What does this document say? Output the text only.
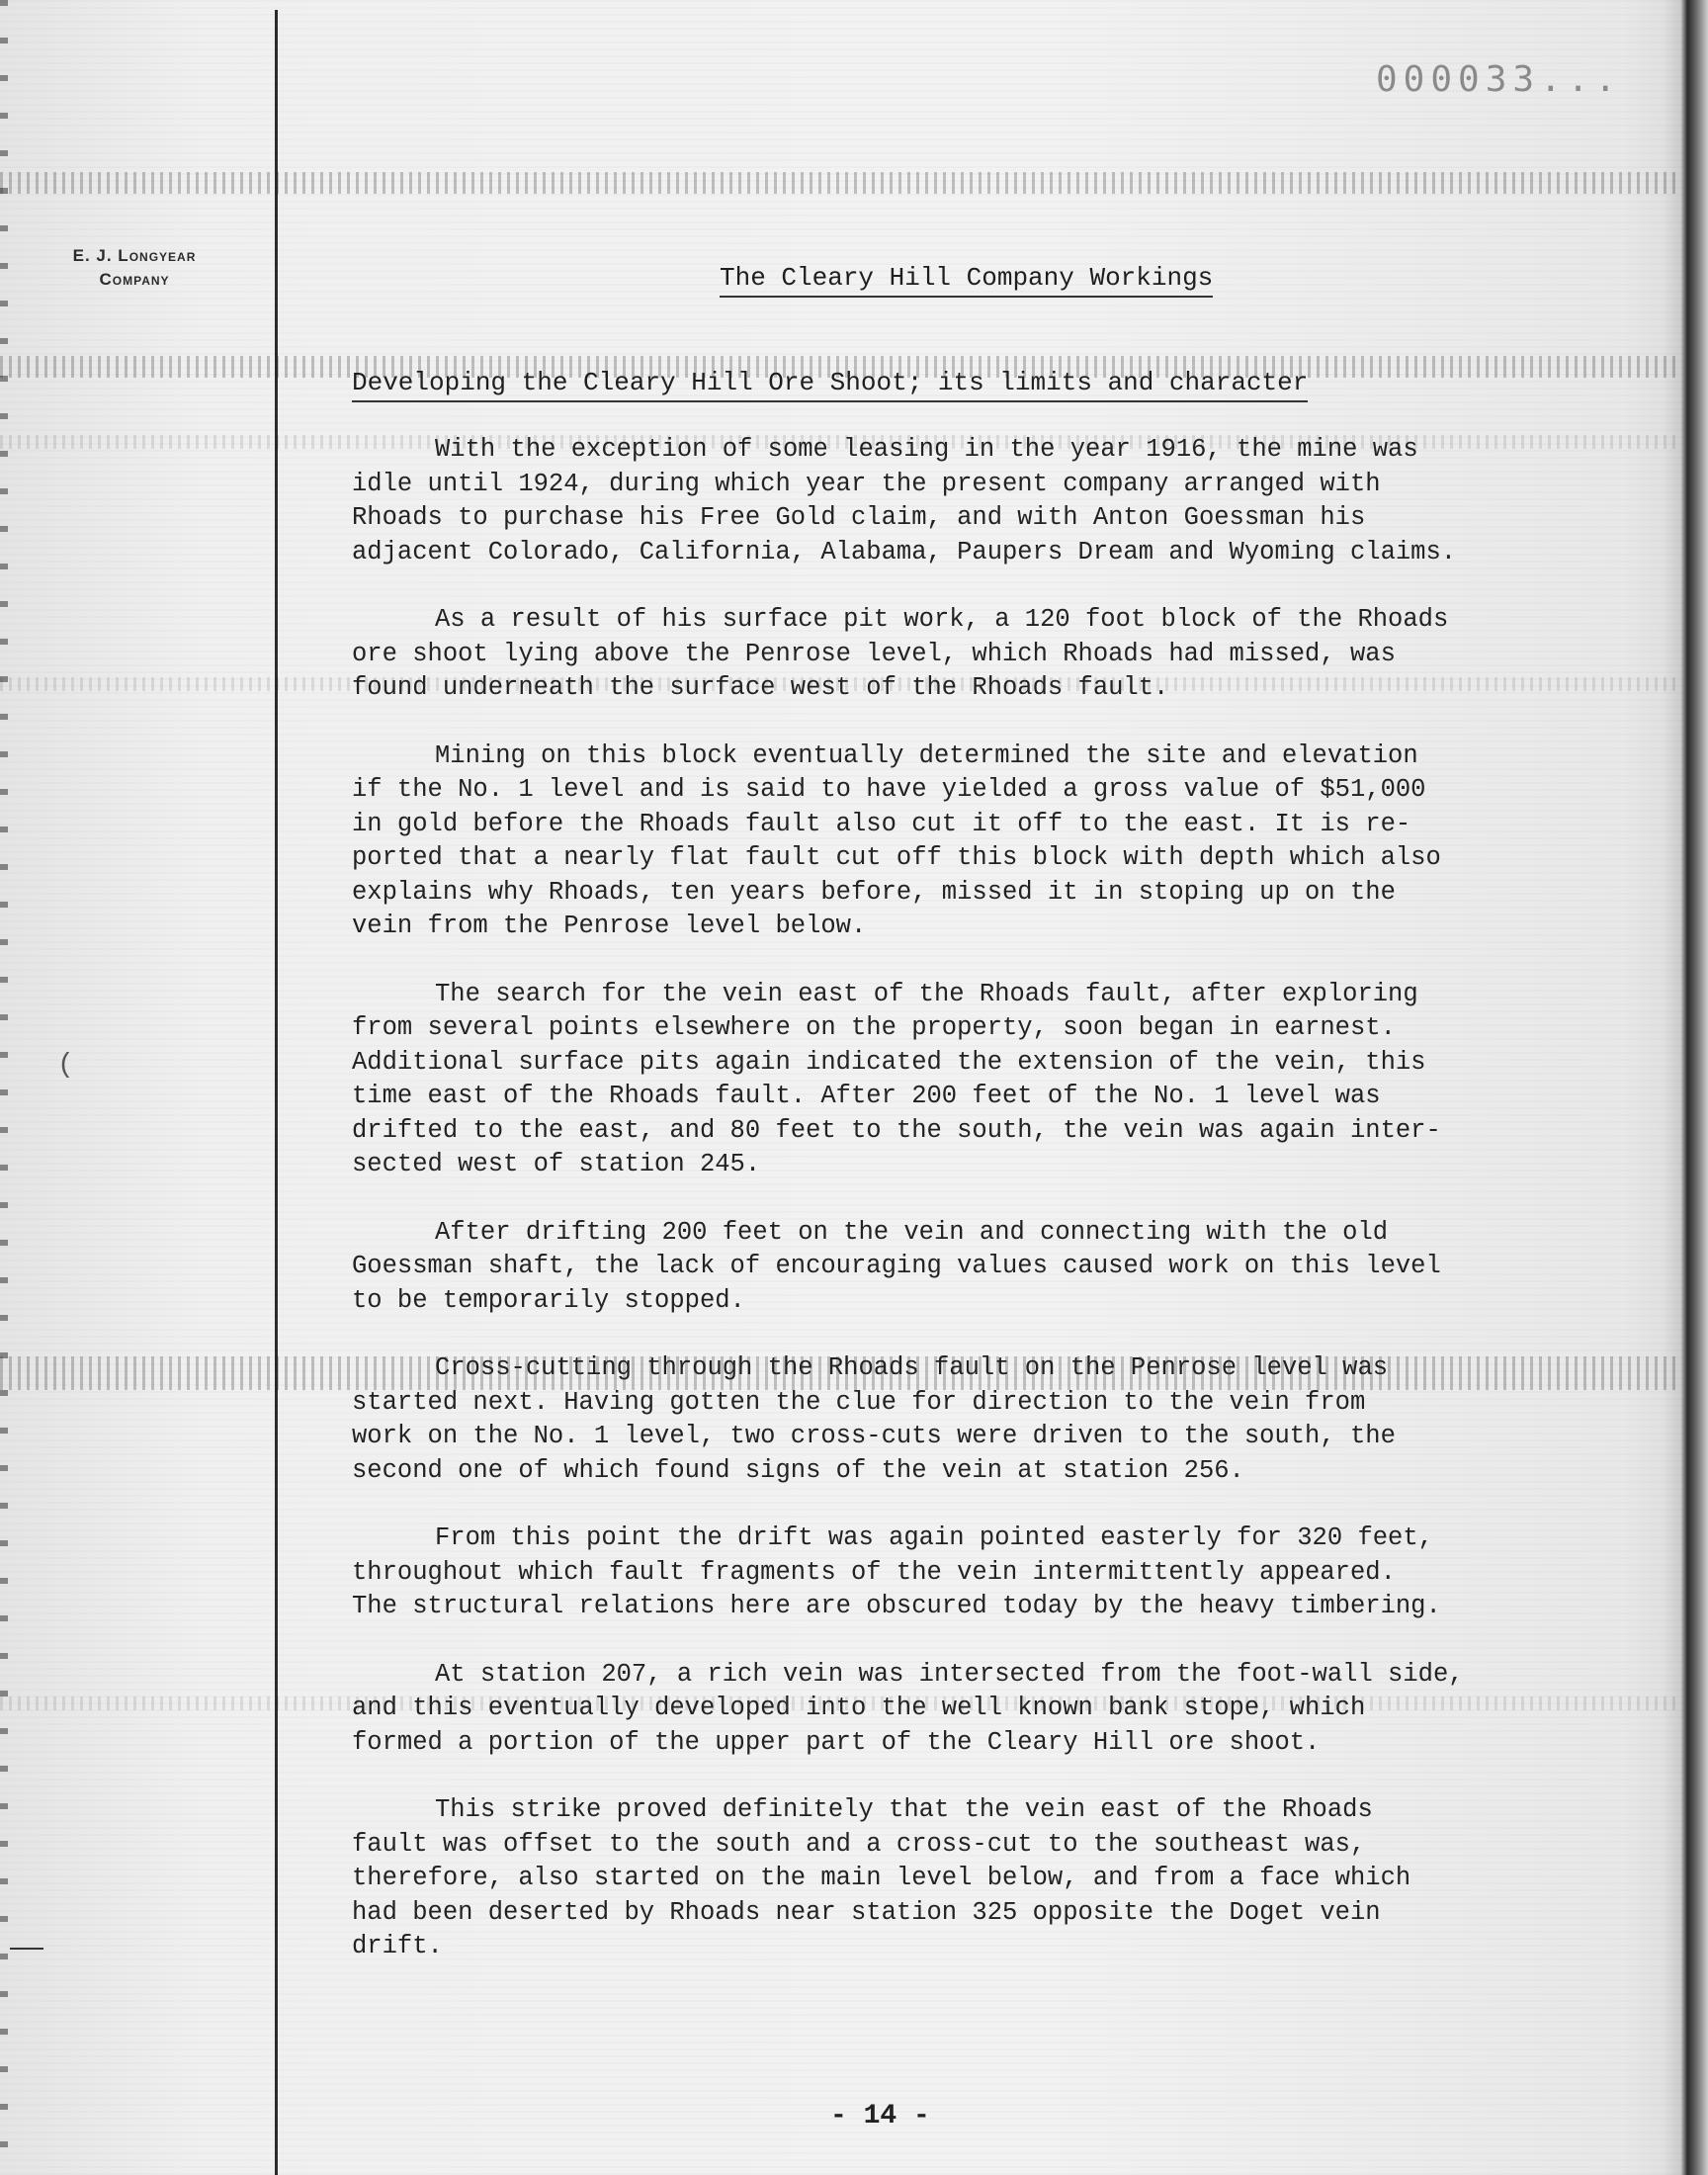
(
000033...
E. J. Longyear
Company	The Cleary Hill Company Workings
Developing the Cleary Hill Ore Shoot; its limits and character
With the exception of some leasing in the year 1916, the mine was
idle until 1924, during which year the present company arranged with
Rhoads to purchase his Free Gold claim, and with Anton Goessman his
adjacent Colorado, California, Alabama, Paupers Dream and Wyoming claims.
As a result of his surface pit work, a 120 foot block of the Rhoads
ore shoot lying above the Penrose level, which Rhoads had missed, was
found underneath the surface west of the Rhoads fault.
Mining on this block eventually determined the site and elevation
if the No. 1 level and is said to have yielded a gross value of $51,000
in gold before the Rhoads fault also cut it off to the east. It is re-
ported that a nearly flat fault cut off this block with depth which also
explains why Rhoads, ten years before, missed it in stoping up on the
vein from the Penrose level below.
The search for the vein east of the Rhoads fault, after exploring
from several points elsewhere on the property, soon began in earnest.
Additional surface pits again indicated the extension of the vein, this
time east of the Rhoads fault. After 200 feet of the No. 1 level was
drifted to the east, and 80 feet to the south, the vein was again inter-
sected west of station 245.
After drifting 200 feet on the vein and connecting with the old
Goessman shaft, the lack of encouraging values caused work on this level
to be temporarily stopped.
Cross-cutting through the Rhoads fault on the Penrose level was
started next. Having gotten the clue for direction to the vein from
work on the No. 1 level, two cross-cuts were driven to the south, the
second one of which found signs of the vein at station 256.
From this point the drift was again pointed easterly for 320 feet,
throughout which fault fragments of the vein intermittently appeared.
The structural relations here are obscured today by the heavy timbering.
At station 207, a rich vein was intersected from the foot-wall side,
and this eventually developed into the well known bank stope, which
formed a portion of the upper part of the Cleary Hill ore shoot.
This strike proved definitely that the vein east of the Rhoads
fault was offset to the south and a cross-cut to the southeast was,
therefore, also started on the main level below, and from a face which
had been deserted by Rhoads near station 325 opposite the Doget vein
drift.
- 14 -
